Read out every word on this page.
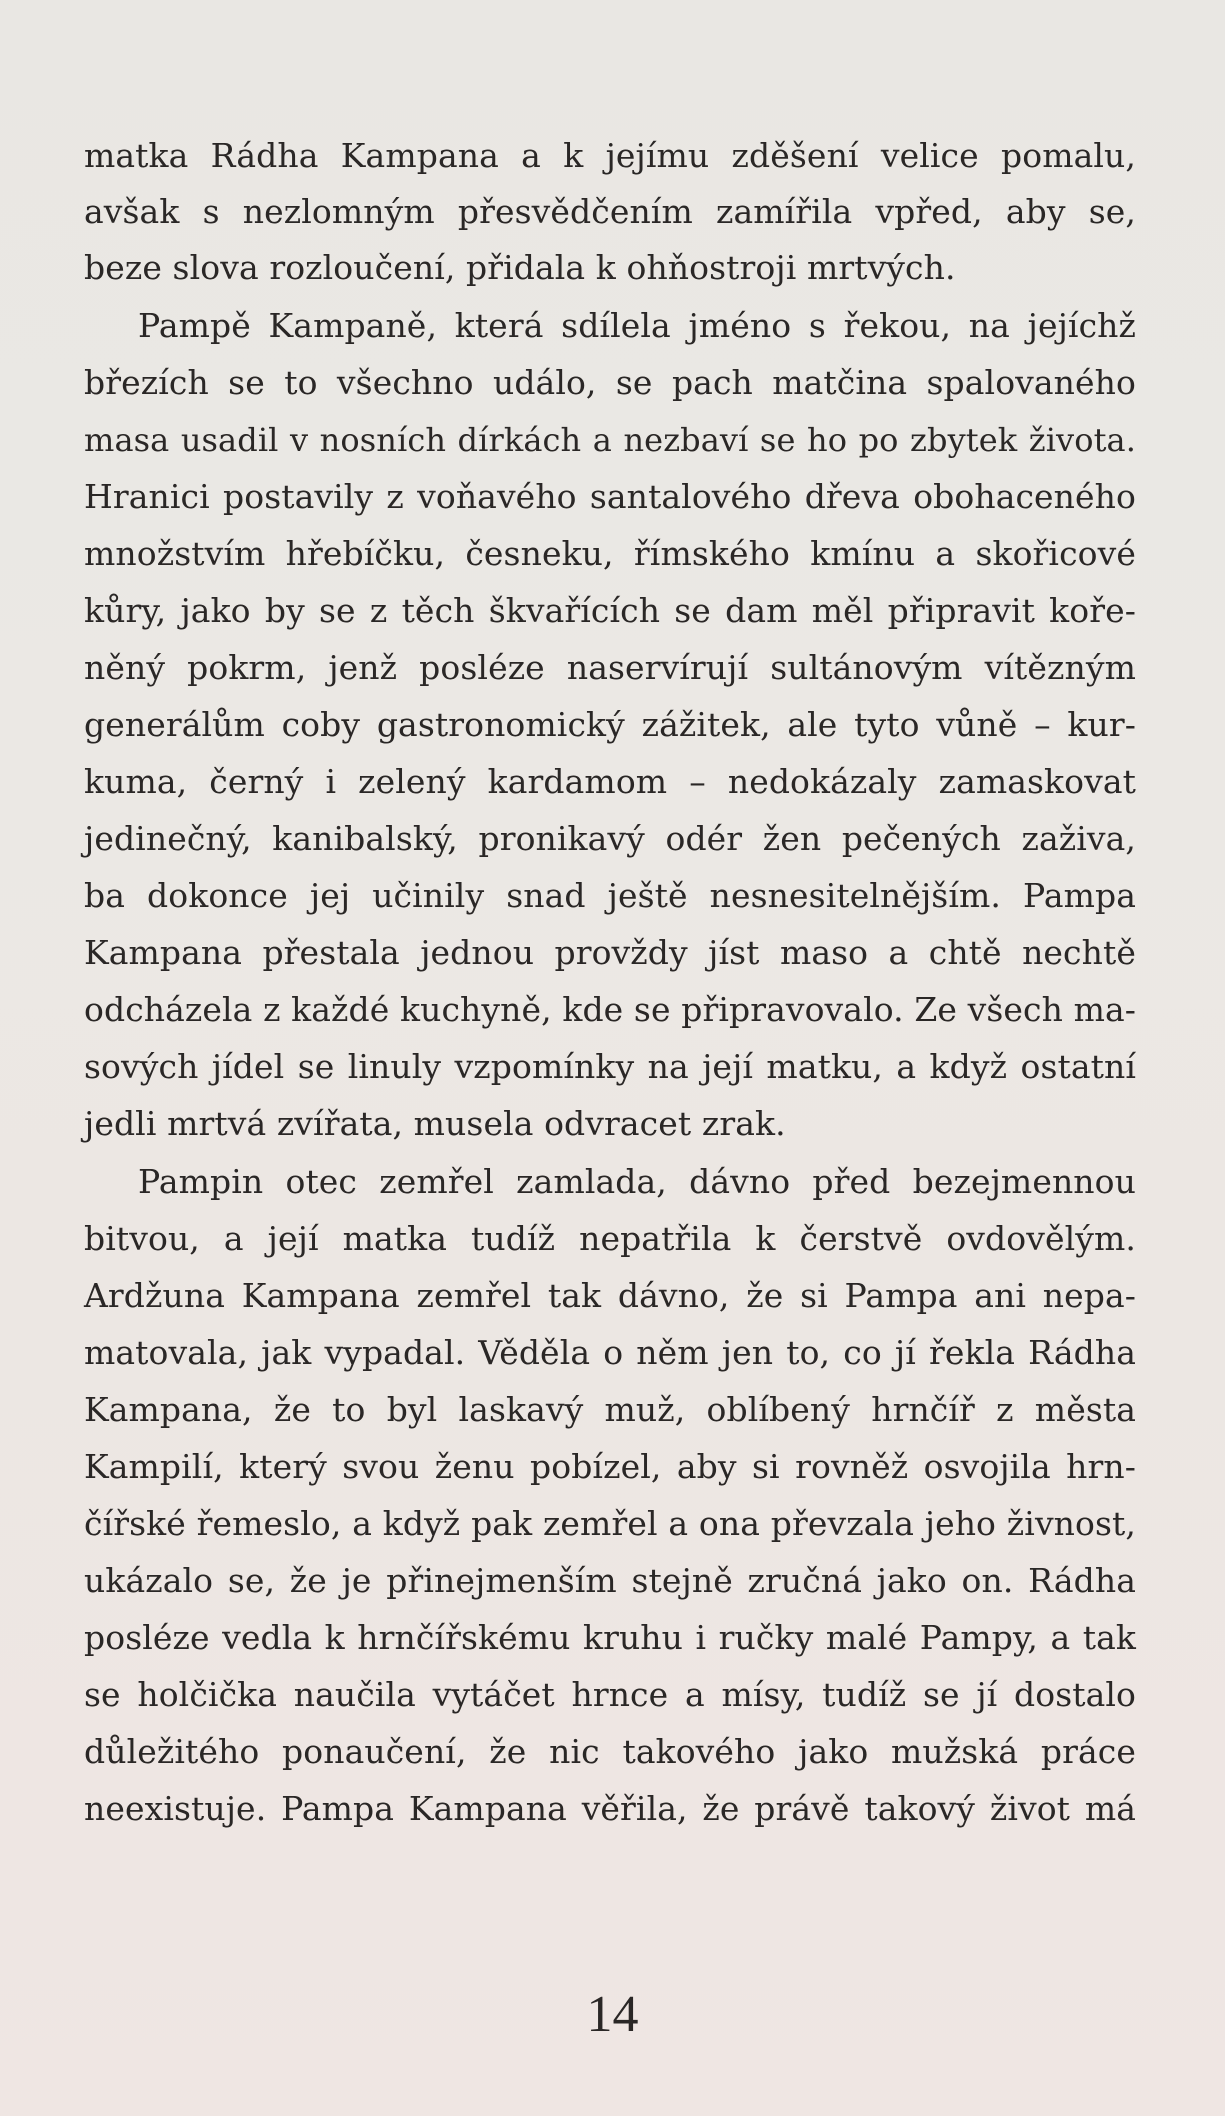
matka Rádha Kampana a k jejímu zděšení velice pomalu,
avšak s nezlomným přesvědčením zamířila vpřed, aby se,
beze slova rozloučení, přidala k ohňostroji mrtvých.
Pampě Kampaně, která sdílela jméno s řekou, na jejíchž
březích se to všechno událo, se pach matčina spalovaného
masa usadil v nosních dírkách a nezbaví se ho po zbytek života.
Hranici postavily z voňavého santalového dřeva obohaceného
množstvím hřebíčku, česneku, římského kmínu a skořicové
kůry, jako by se z těch škvařících se dam měl připravit kořе-
něný pokrm, jenž posléze naservírují sultánovým vítězným
generálům coby gastronomický zážitek, ale tyto vůně – kur-
kuma, černý i zelený kardamom – nedokázaly zamaskovat
jedinečný, kanibalský, pronikavý odér žen pečených zaživa,
ba dokonce jej učinily snad ještě nesnesitelnějším. Pampa
Kampana přestala jednou provždy jíst maso a chtě nechtě
odcházela z každé kuchyně, kde se připravovalo. Ze všech ma-
sových jídel se linuly vzpomínky na její matku, a když ostatní
jedli mrtvá zvířata, musela odvracet zrak.
Pampin otec zemřel zamlada, dávno před bezejmennou
bitvou, a její matka tudíž nepatřila k čerstvě ovdovělým.
Ardžuna Kampana zemřel tak dávno, že si Pampa ani nepa-
matovala, jak vypadal. Věděla o něm jen to, co jí řekla Rádha
Kampana, že to byl laskavý muž, oblíbený hrnčíř z města
Kampilí, který svou ženu pobízel, aby si rovněž osvojila hrn-
čířské řemeslo, a když pak zemřel a ona převzala jeho živnost,
ukázalo se, že je přinejmenším stejně zručná jako on. Rádha
posléze vedla k hrnčířskému kruhu i ručky malé Pampy, a tak
se holčička naučila vytáčet hrnce a mísy, tudíž se jí dostalo
důležitého ponaučení, že nic takového jako mužská práce
neexistuje. Pampa Kampana věřila, že právě takový život má
14
